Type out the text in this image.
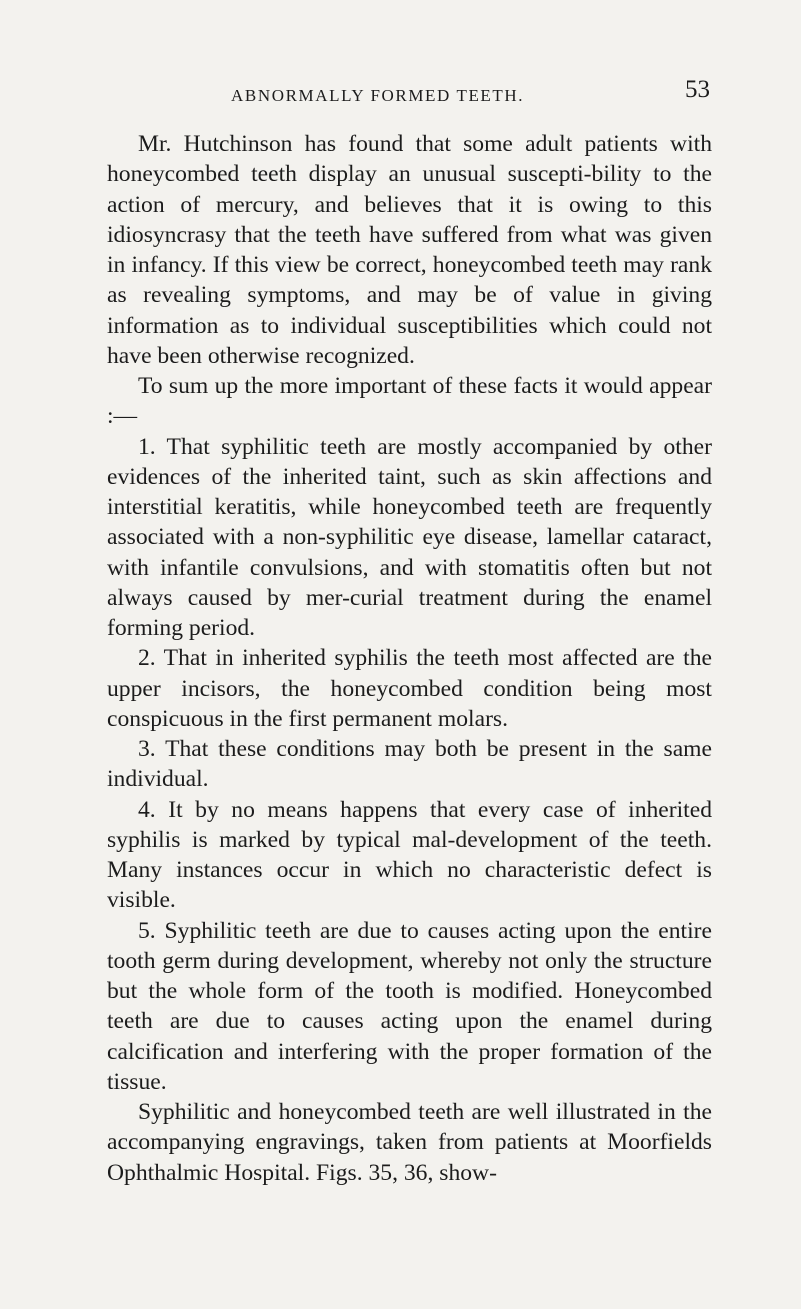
ABNORMALLY FORMED TEETH.	53

Mr. Hutchinson has found that some adult patients with honeycombed teeth display an unusual suscepti-bility to the action of mercury, and believes that it is owing to this idiosyncrasy that the teeth have suffered from what was given in infancy. If this view be correct, honeycombed teeth may rank as revealing symptoms, and may be of value in giving information as to individual susceptibilities which could not have been otherwise recognized.

To sum up the more important of these facts it would appear :—

1. That syphilitic teeth are mostly accompanied by other evidences of the inherited taint, such as skin affections and interstitial keratitis, while honeycombed teeth are frequently associated with a non-syphilitic eye disease, lamellar cataract, with infantile convulsions, and with stomatitis often but not always caused by mer-curial treatment during the enamel forming period.

2. That in inherited syphilis the teeth most affected are the upper incisors, the honeycombed condition being most conspicuous in the first permanent molars.

3. That these conditions may both be present in the same individual.

4. It by no means happens that every case of inherited syphilis is marked by typical mal-development of the teeth. Many instances occur in which no characteristic defect is visible.

5. Syphilitic teeth are due to causes acting upon the entire tooth germ during development, whereby not only the structure but the whole form of the tooth is modified. Honeycombed teeth are due to causes acting upon the enamel during calcification and interfering with the proper formation of the tissue.

Syphilitic and honeycombed teeth are well illustrated in the accompanying engravings, taken from patients at Moorfields Ophthalmic Hospital. Figs. 35, 36, show-
